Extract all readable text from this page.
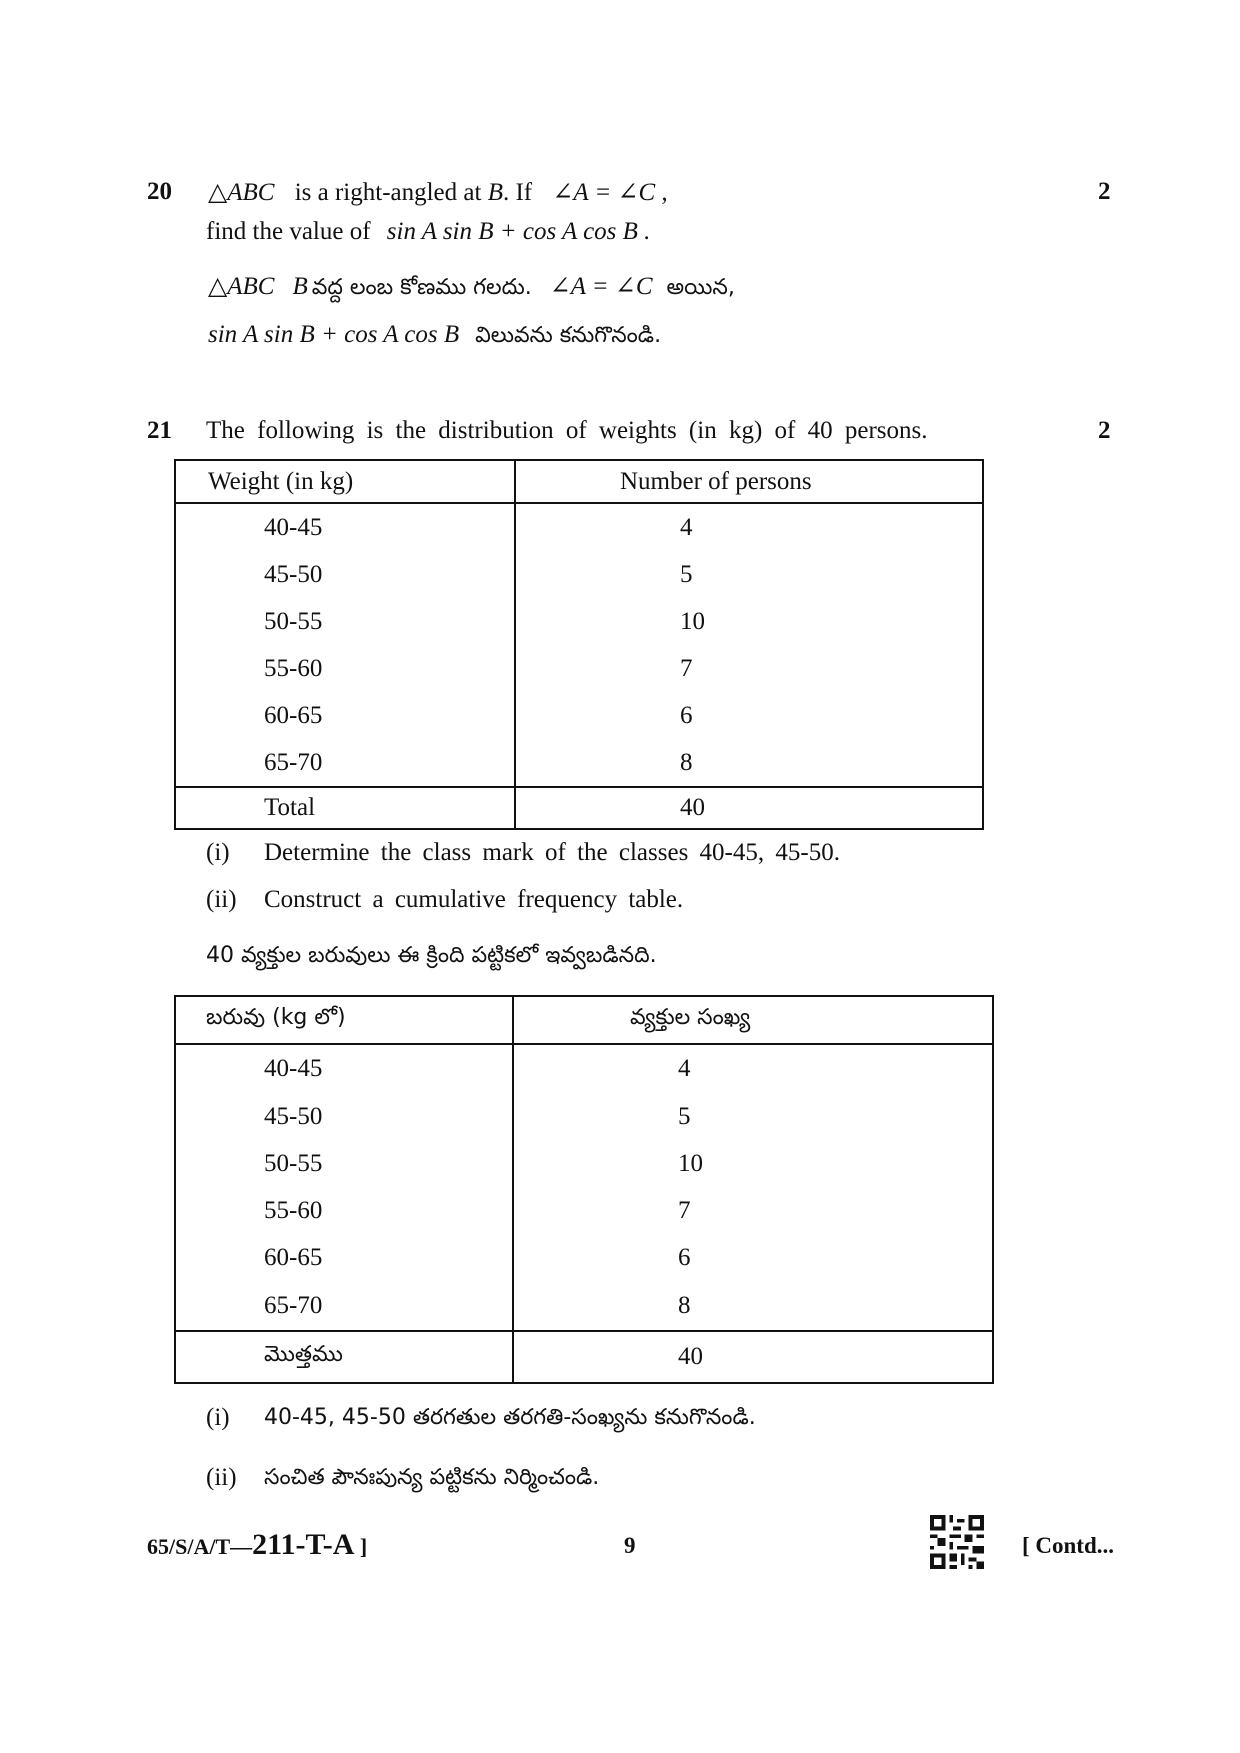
20	2
△ABC is a right-angled at B. If ∠A = ∠C ,
find the value of sin A sin B + cos A cos B .
△ABC B వద్ద లంబ కోణము గలదు. ∠A = ∠C అయిన,
sin A sin B + cos A cos B విలువను కనుగొనండి.
21	2
The following is the distribution of weights (in kg) of 40 persons.
Weight (in kg)	Number of persons
40-45	4
45-50	5
50-55	10
55-60	7
60-65	6
65-70	8
Total	40
(i) Determine the class mark of the classes 40-45, 45-50.
(ii) Construct a cumulative frequency table.
40 వ్యక్తుల బరువులు ఈ క్రింది పట్టికలో ఇవ్వబడినది.
బరువు (kg లో)	వ్యక్తుల సంఖ్య
40-45	4
45-50	5
50-55	10
55-60	7
60-65	6
65-70	8
మొత్తము	40
(i) 40-45, 45-50 తరగతుల తరగతి-సంఖ్యను కనుగొనండి.
(ii) సంచిత పౌనఃపున్య పట్టికను నిర్మించండి.
65/S/A/T—211-T-A ]	9	[ Contd...
